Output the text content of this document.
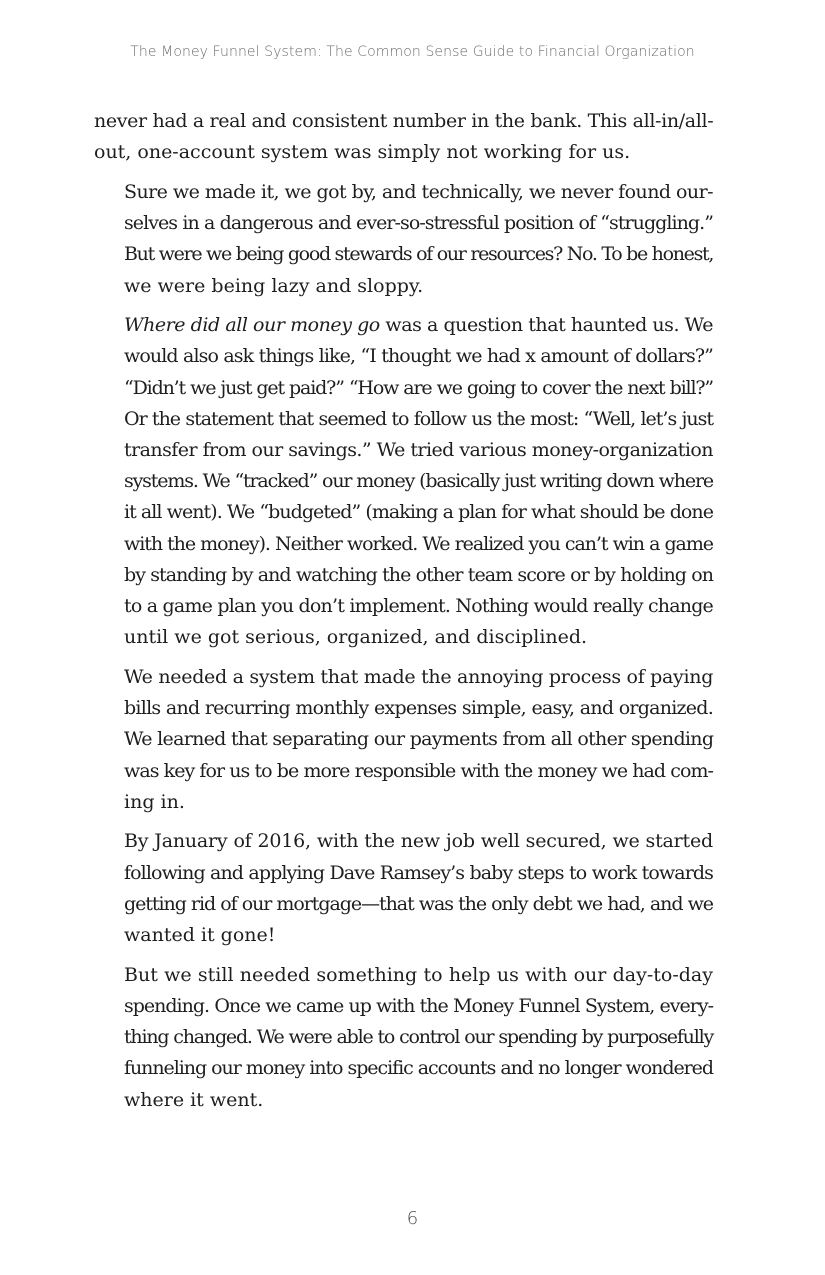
The Money Funnel System: The Common Sense Guide to Financial Organization

never had a real and consistent number in the bank. This all-in/all-
out, one-account system was simply not working for us.

Sure we made it, we got by, and technically, we never found our-
selves in a dangerous and ever-so-stressful position of “struggling.”
But were we being good stewards of our resources? No. To be honest,
we were being lazy and sloppy.

Where did all our money go was a question that haunted us. We
would also ask things like, “I thought we had x amount of dollars?”
“Didn’t we just get paid?” “How are we going to cover the next bill?”
Or the statement that seemed to follow us the most: “Well, let’s just
transfer from our savings.” We tried various money-organization
systems. We “tracked” our money (basically just writing down where
it all went). We “budgeted” (making a plan for what should be done
with the money). Neither worked. We realized you can’t win a game
by standing by and watching the other team score or by holding on
to a game plan you don’t implement. Nothing would really change
until we got serious, organized, and disciplined.

We needed a system that made the annoying process of paying
bills and recurring monthly expenses simple, easy, and organized.
We learned that separating our payments from all other spending
was key for us to be more responsible with the money we had com-
ing in.

By January of 2016, with the new job well secured, we started
following and applying Dave Ramsey’s baby steps to work towards
getting rid of our mortgage—that was the only debt we had, and we
wanted it gone!

But we still needed something to help us with our day-to-day
spending. Once we came up with the Money Funnel System, every-
thing changed. We were able to control our spending by purposefully
funneling our money into specific accounts and no longer wondered
where it went.

6
